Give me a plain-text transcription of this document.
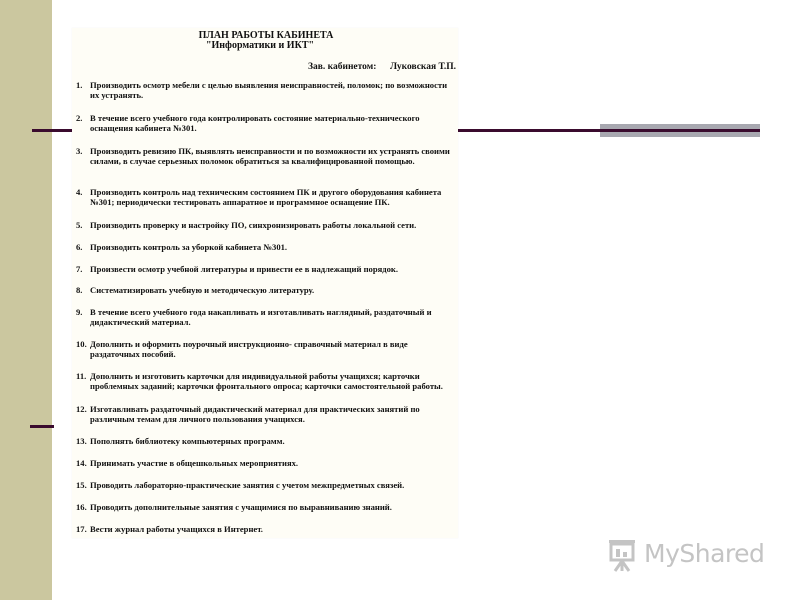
ПЛАН РАБОТЫ КАБИНЕТА
"Информатики и ИКТ"
Зав. кабинетом: Луковская Т.П.
1. Производить осмотр мебели с целью выявления неисправностей, поломок; по возможности их устранять.
2. В течение всего учебного года контролировать состояние материально-технического оснащения кабинета №301.
3. Производить ревизию ПК, выявлять неисправности и по возможности их устранять своими силами, в случае серьезных поломок обратиться за квалифицированной помощью.
4. Производить контроль над техническим состоянием ПК и другого оборудования кабинета №301; периодически тестировать аппаратное и программное оснащение ПК.
5. Производить проверку и настройку ПО, синхронизировать работы локальной сети.
6. Производить контроль за уборкой кабинета №301.
7. Произвести осмотр учебной литературы и привести ее в надлежащий порядок.
8. Систематизировать учебную и методическую литературу.
9. В течение всего учебного года накапливать и изготавливать наглядный, раздаточный и дидактический материал.
10. Дополнить и оформить поурочный инструкционно- справочный материал в виде раздаточных пособий.
11. Дополнить и изготовить карточки для индивидуальной работы учащихся; карточки проблемных заданий; карточки фронтального опроса; карточки самостоятельной работы.
12. Изготавливать раздаточный дидактический материал для практических занятий по различным темам для личного пользования учащихся.
13. Пополнять библиотеку компьютерных программ.
14. Принимать участие в общешкольных мероприятиях.
15. Проводить лабораторно-практические занятия с учетом межпредметных связей.
16. Проводить дополнительные занятия с учащимися по выравниванию знаний.
17. Вести журнал работы учащихся в Интернет.
MyShared
